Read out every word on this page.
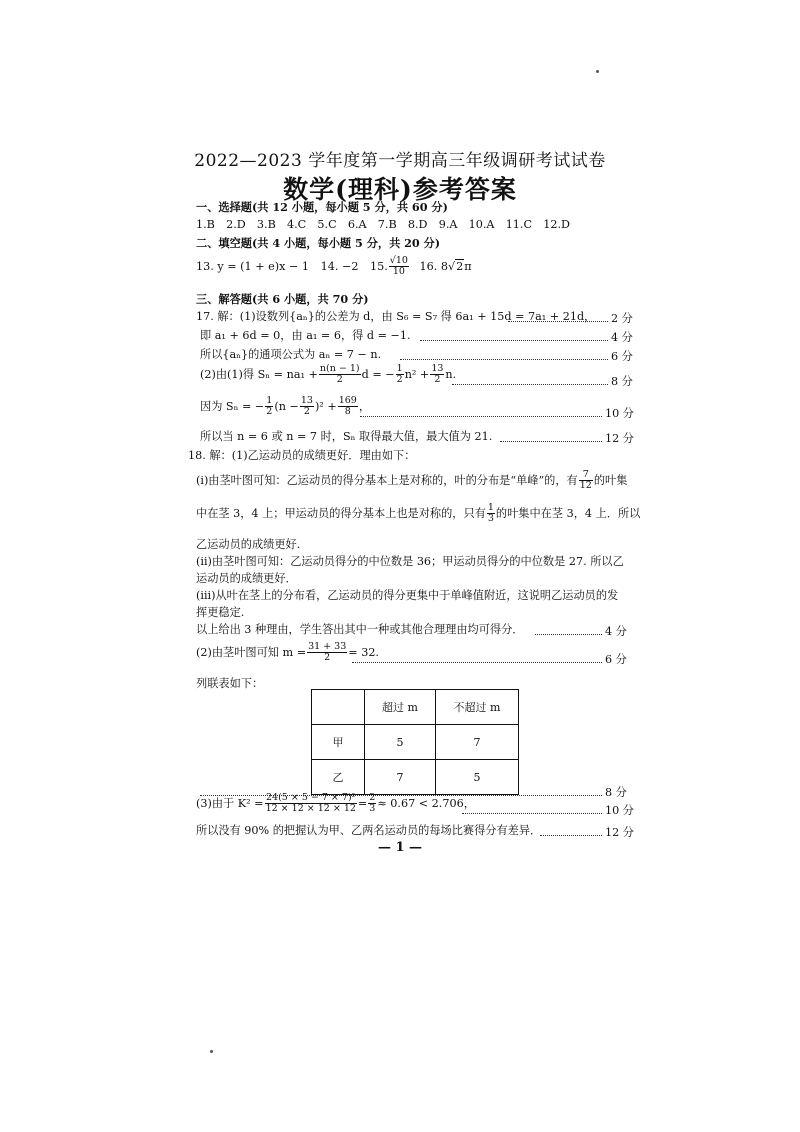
2022—2023 学年度第一学期高三年级调研考试试卷
数学(理科)参考答案
一、选择题(共 12 小题，每小题 5 分，共 60 分)
1.B　2.D　3.B　4.C　5.C　6.A　7.B　8.D　9.A　10.A　11.C　12.D
二、填空题(共 4 小题，每小题 5 分，共 20 分)
13. y = (1 + e)x − 1 14. −2 15. $\frac{√10}{10} 16$. 8√2π
三、解答题(共 6 小题，共 70 分)
17. 解：(1)设数列{aₙ}的公差为 d，由 S₆ = S₇ 得 6a₁ + 15d = 7a₁ + 21d， 2 分
即 a₁ + 6d = 0，由 a₁ = 6，得 d = −1.	4 分
所以{aₙ}的通项公式为 aₙ = 7 − n.	6 分
(2)由(1)得 $S_n = na_1 + \frac{n(n - 1)}{2}$ d = − $\frac{1}{2} n^2 + \frac{13}{2} n$.
8 分
因为 Sₙ = − $\frac{1}{2} (n - \frac{13}{2} )^2 + \frac{169}{8}$ ，
10 分
所以当 n = 6 或 n = 7 时，Sₙ 取得最大值，最大值为 21.	12 分
18. 解：(1)乙运动员的成绩更好．理由如下：
(ⅰ)由茎叶图可知：乙运动员的得分基本上是对称的，叶的分布是“单峰”的，有 $\frac{7}{12}$ 的叶集
中在茎 3，4 上；甲运动员的得分基本上也是对称的，只有 $\frac{1}{3}$ 的叶集中在茎 3，4 上．所以
乙运动员的成绩更好.
(ⅱ)由茎叶图可知：乙运动员得分的中位数是 36；甲运动员得分的中位数是 27. 所以乙
运动员的成绩更好．
(ⅲ)从叶在茎上的分布看，乙运动员的得分更集中于单峰值附近，这说明乙运动员的发
挥更稳定.
以上给出 3 种理由，学生答出其中一种或其他合理理由均可得分．	4 分
(2)由茎叶图可知 $m = \frac{31 + 33}{2} = 32$.
6 分
列联表如下：
	超过 m	不超过 m
甲	5	7
乙	7	5
8 分
(3)由于 $K^2 = \frac{\text{24(5 × 5 − 7 × 7)²}}{12 \times 12 \times 12 \times 12} = \frac{2}{3} \approx 0.67 < 2.706$，
10 分
所以没有 90% 的把握认为甲、乙两名运动员的每场比赛得分有差异．	12 分
— 1 —
